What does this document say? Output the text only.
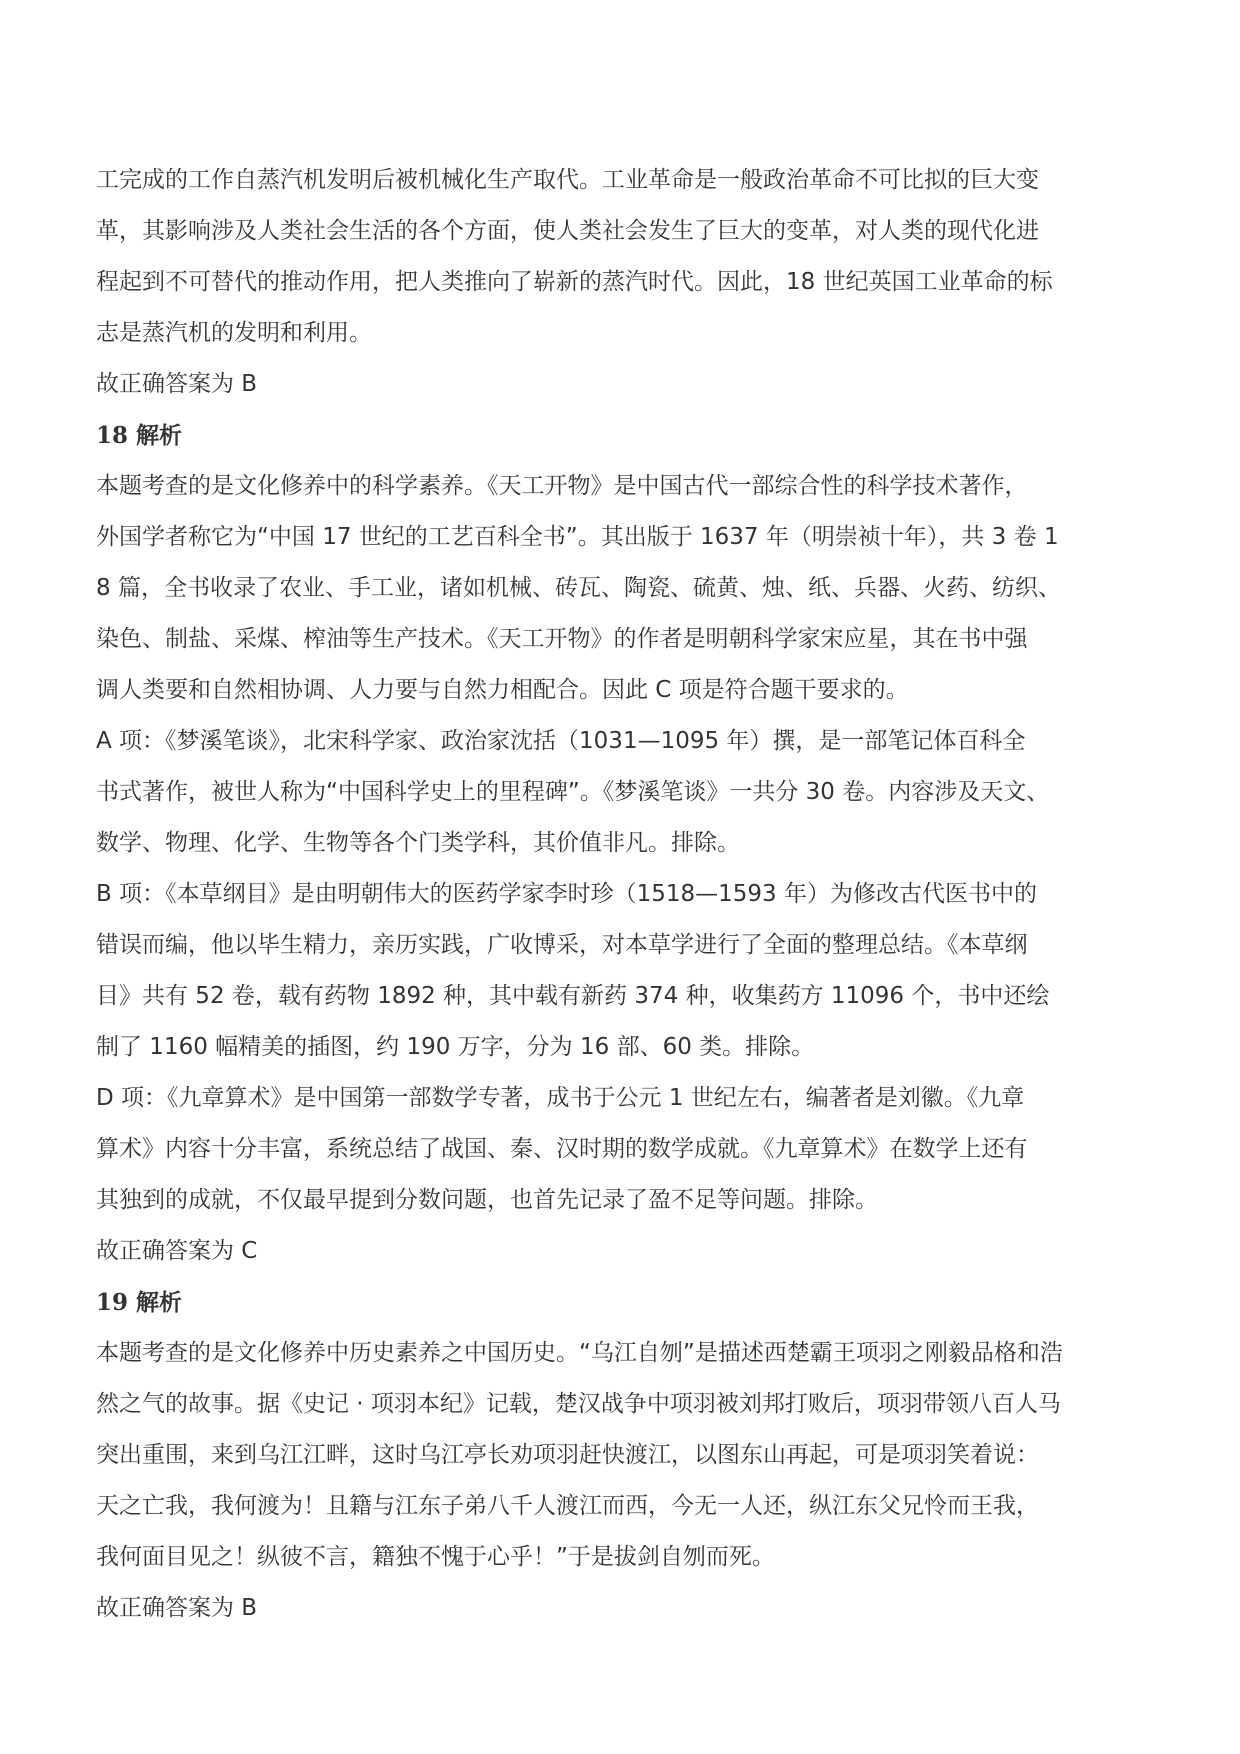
工完成的工作自蒸汽机发明后被机械化生产取代。工业革命是一般政治革命不可比拟的巨大变
革，其影响涉及人类社会生活的各个方面，使人类社会发生了巨大的变革，对人类的现代化进
程起到不可替代的推动作用，把人类推向了崭新的蒸汽时代。因此，18 世纪英国工业革命的标
志是蒸汽机的发明和利用。
故正确答案为 B
18 解析
本题考查的是文化修养中的科学素养。《天工开物》是中国古代一部综合性的科学技术著作，
外国学者称它为“中国 17 世纪的工艺百科全书”。其出版于 1637 年（明崇祯十年），共 3 卷 1
8 篇，全书收录了农业、手工业，诸如机械、砖瓦、陶瓷、硫黄、烛、纸、兵器、火药、纺织、
染色、制盐、采煤、榨油等生产技术。《天工开物》的作者是明朝科学家宋应星，其在书中强
调人类要和自然相协调、人力要与自然力相配合。因此 C 项是符合题干要求的。
A 项：《梦溪笔谈》，北宋科学家、政治家沈括（1031—1095 年）撰，是一部笔记体百科全
书式著作，被世人称为“中国科学史上的里程碑”。《梦溪笔谈》一共分 30 卷。内容涉及天文、
数学、物理、化学、生物等各个门类学科，其价值非凡。排除。
B 项：《本草纲目》是由明朝伟大的医药学家李时珍（1518—1593 年）为修改古代医书中的
错误而编，他以毕生精力，亲历实践，广收博采，对本草学进行了全面的整理总结。《本草纲
目》共有 52 卷，载有药物 1892 种，其中载有新药 374 种，收集药方 11096 个，书中还绘
制了 1160 幅精美的插图，约 190 万字，分为 16 部、60 类。排除。
D 项：《九章算术》是中国第一部数学专著，成书于公元 1 世纪左右，编著者是刘徽。《九章
算术》内容十分丰富，系统总结了战国、秦、汉时期的数学成就。《九章算术》在数学上还有
其独到的成就，不仅最早提到分数问题，也首先记录了盈不足等问题。排除。
故正确答案为 C
19 解析
本题考查的是文化修养中历史素养之中国历史。“乌江自刎”是描述西楚霸王项羽之刚毅品格和浩
然之气的故事。据《史记 · 项羽本纪》记载，楚汉战争中项羽被刘邦打败后，项羽带领八百人马
突出重围，来到乌江江畔，这时乌江亭长劝项羽赶快渡江，以图东山再起，可是项羽笑着说：
天之亡我，我何渡为！且籍与江东子弟八千人渡江而西，今无一人还，纵江东父兄怜而王我，
我何面目见之！纵彼不言，籍独不愧于心乎！”于是拔剑自刎而死。
故正确答案为 B
